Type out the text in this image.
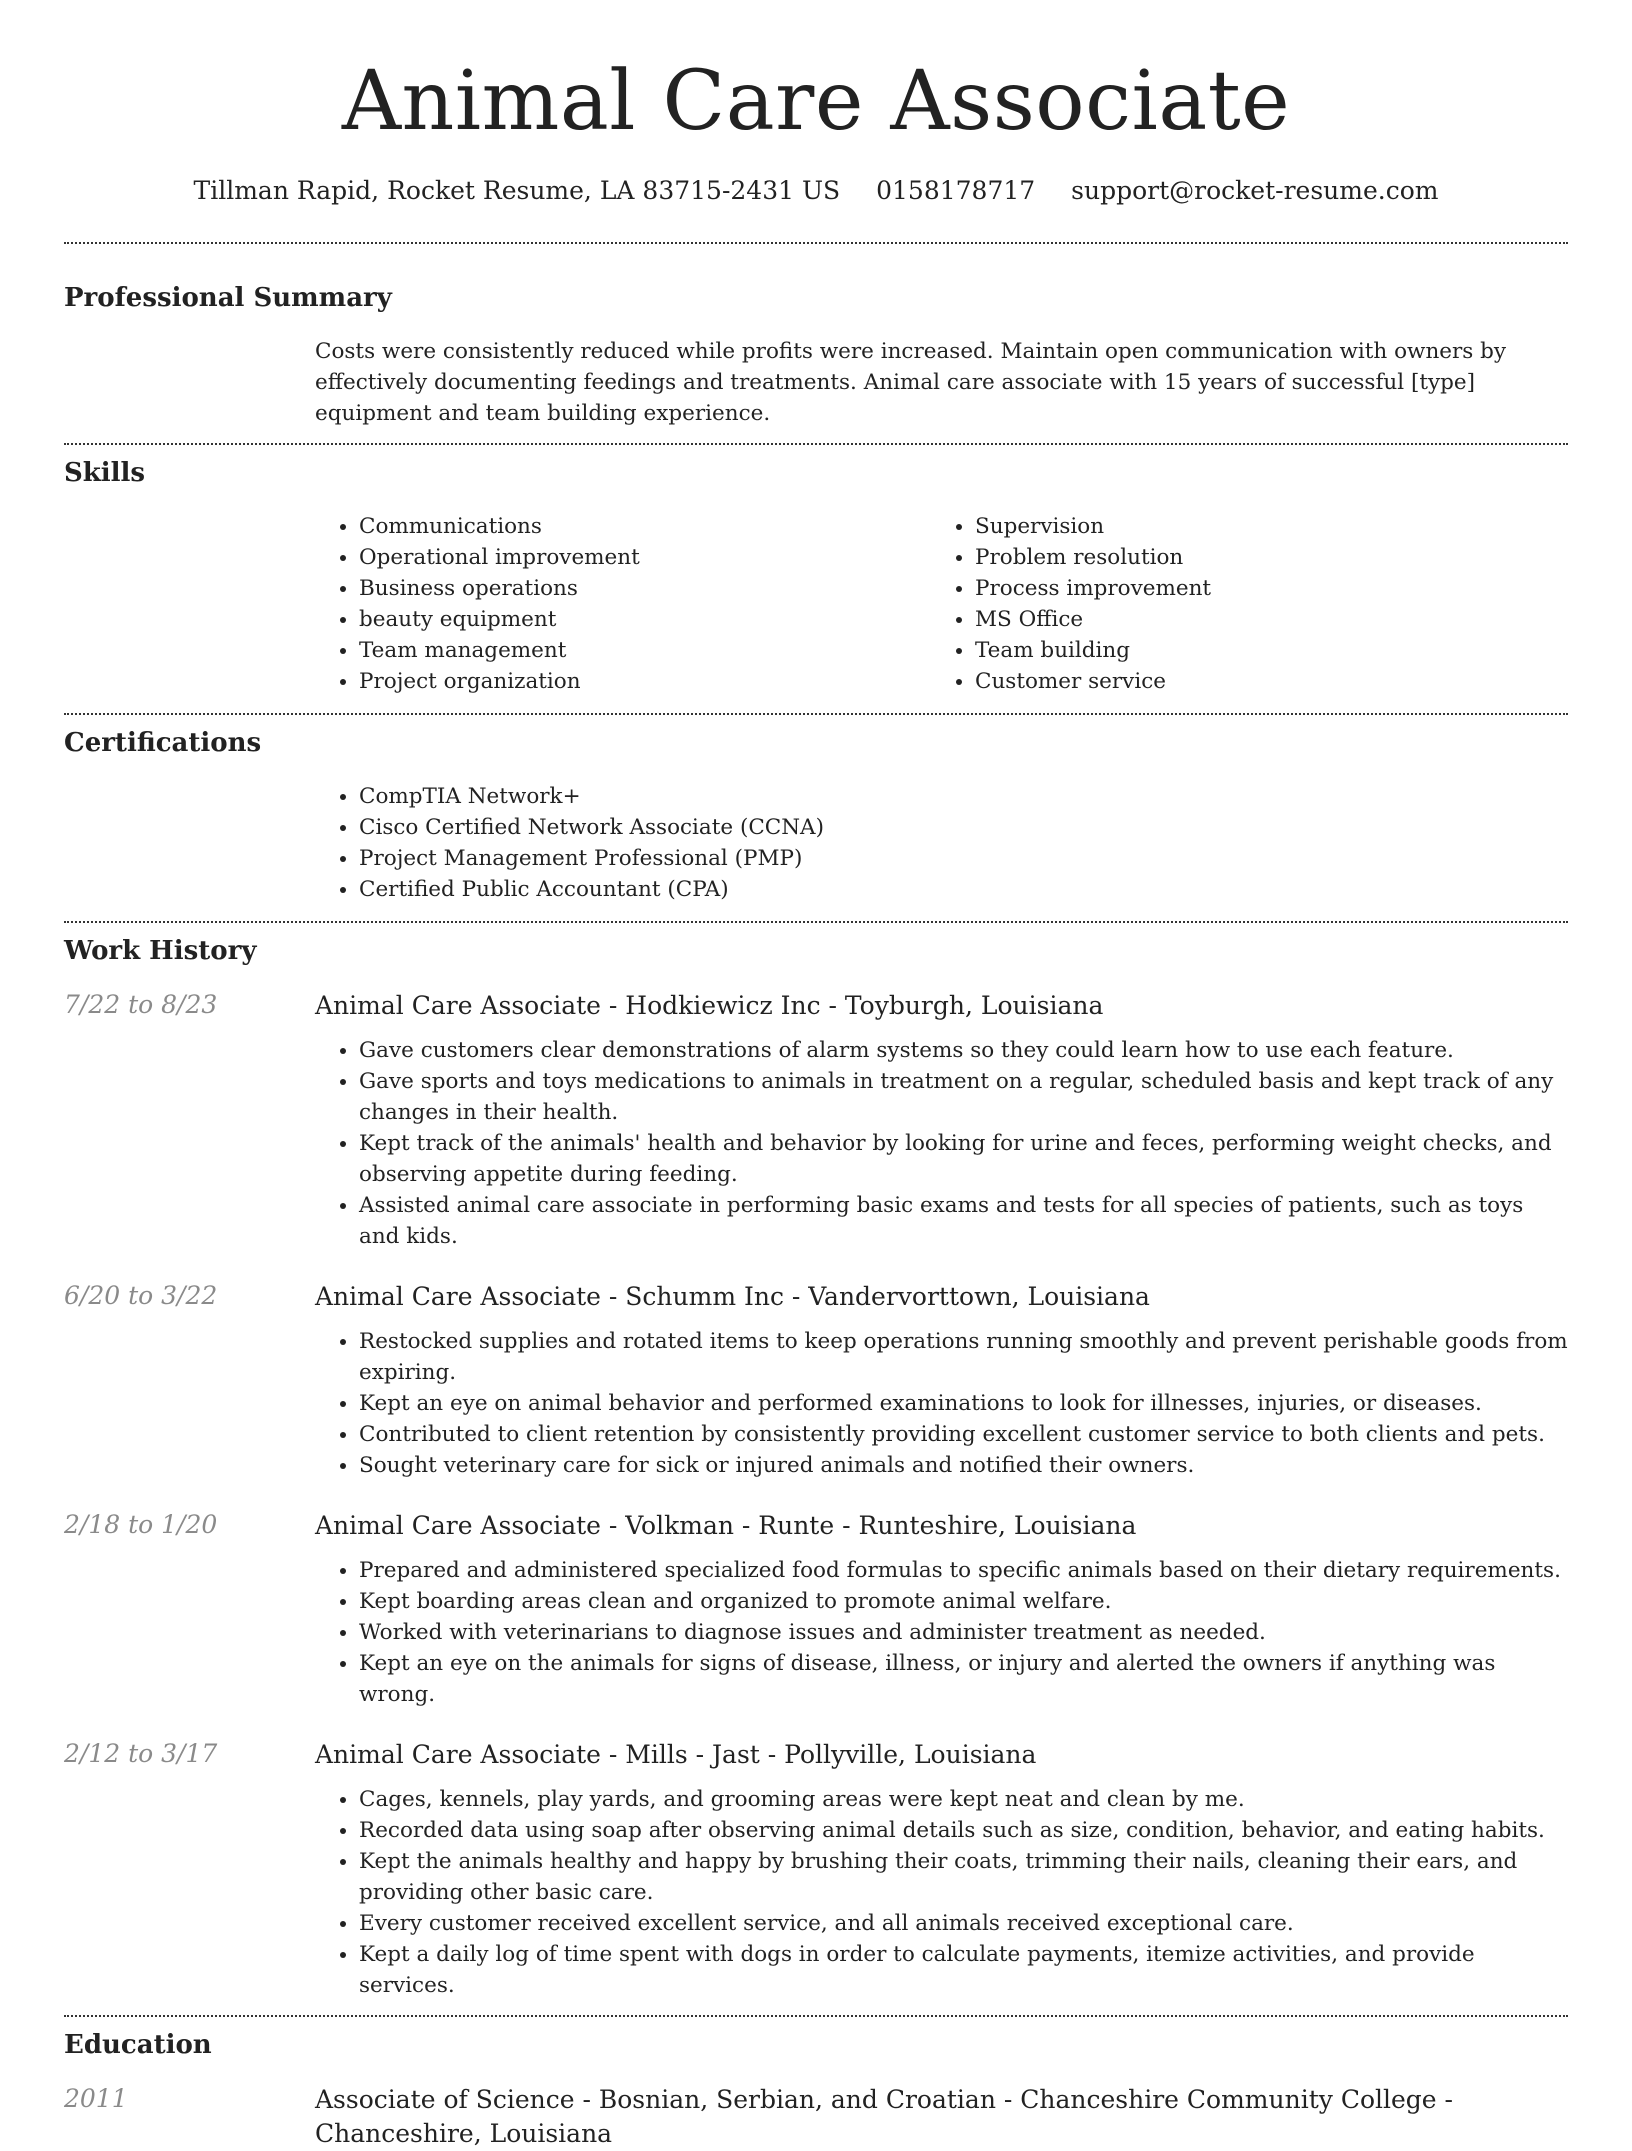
Animal Care Associate
Tillman Rapid, Rocket Resume, LA 83715-2431 US 0158178717 support@rocket-resume.com
Professional Summary
Costs were consistently reduced while profits were increased. Maintain open communication with owners by effectively documenting feedings and treatments. Animal care associate with 15 years of successful [type] equipment and team building experience.
Skills
• Communications
• Operational improvement
• Business operations
• beauty equipment
• Team management
• Project organization
• Supervision
• Problem resolution
• Process improvement
• MS Office
• Team building
• Customer service
Certifications
• CompTIA Network+
• Cisco Certified Network Associate (CCNA)
• Project Management Professional (PMP)
• Certified Public Accountant (CPA)
Work History
7/22 to 8/23	Animal Care Associate - Hodkiewicz Inc - Toyburgh, Louisiana
• Gave customers clear demonstrations of alarm systems so they could learn how to use each feature.
• Gave sports and toys medications to animals in treatment on a regular, scheduled basis and kept track of any changes in their health.
• Kept track of the animals' health and behavior by looking for urine and feces, performing weight checks, and observing appetite during feeding.
• Assisted animal care associate in performing basic exams and tests for all species of patients, such as toys and kids.
6/20 to 3/22	Animal Care Associate - Schumm Inc - Vandervorttown, Louisiana
• Restocked supplies and rotated items to keep operations running smoothly and prevent perishable goods from expiring.
• Kept an eye on animal behavior and performed examinations to look for illnesses, injuries, or diseases.
• Contributed to client retention by consistently providing excellent customer service to both clients and pets.
• Sought veterinary care for sick or injured animals and notified their owners.
2/18 to 1/20	Animal Care Associate - Volkman - Runte - Runteshire, Louisiana
• Prepared and administered specialized food formulas to specific animals based on their dietary requirements.
• Kept boarding areas clean and organized to promote animal welfare.
• Worked with veterinarians to diagnose issues and administer treatment as needed.
• Kept an eye on the animals for signs of disease, illness, or injury and alerted the owners if anything was wrong.
2/12 to 3/17	Animal Care Associate - Mills - Jast - Pollyville, Louisiana
• Cages, kennels, play yards, and grooming areas were kept neat and clean by me.
• Recorded data using soap after observing animal details such as size, condition, behavior, and eating habits.
• Kept the animals healthy and happy by brushing their coats, trimming their nails, cleaning their ears, and providing other basic care.
• Every customer received excellent service, and all animals received exceptional care.
• Kept a daily log of time spent with dogs in order to calculate payments, itemize activities, and provide services.
Education
2011	Associate of Science - Bosnian, Serbian, and Croatian - Chanceshire Community College - Chanceshire, Louisiana
